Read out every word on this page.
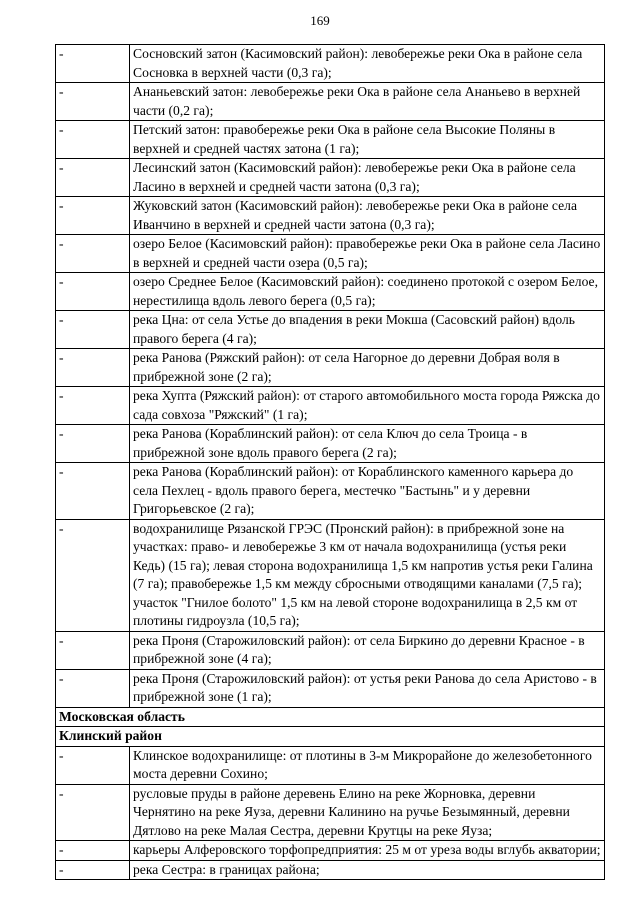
169
-	Сосновский затон (Касимовский район): левобережье реки Ока в районе села Сосновка в верхней части (0,3 га);
-	Ананьевский затон: левобережье реки Ока в районе села Ананьево в верхней части (0,2 га);
-	Петский затон: правобережье реки Ока в районе села Высокие Поляны в верхней и средней частях затона (1 га);
-	Лесинский затон (Касимовский район): левобережье реки Ока в районе села Ласино в верхней и средней части затона (0,3 га);
-	Жуковский затон (Касимовский район): левобережье реки Ока в районе села Иванчино в верхней и средней части затона (0,3 га);
-	озеро Белое (Касимовский район): правобережье реки Ока в районе села Ласино в верхней и средней части озера (0,5 га);
-	озеро Среднее Белое (Касимовский район): соединено протокой с озером Белое, нерестилища вдоль левого берега (0,5 га);
-	река Цна: от села Устье до впадения в реки Мокша (Сасовский район) вдоль правого берега (4 га);
-	река Ранова (Ряжский район): от села Нагорное до деревни Добрая воля в прибрежной зоне (2 га);
-	река Хупта (Ряжский район): от старого автомобильного моста города Ряжска до сада совхоза "Ряжский" (1 га);
-	река Ранова (Кораблинский район): от села Ключ до села Троица - в прибрежной зоне вдоль правого берега (2 га);
-	река Ранова (Кораблинский район): от Кораблинского каменного карьера до села Пехлец - вдоль правого берега, местечко "Бастынь" и у деревни Григорьевское (2 га);
-	водохранилище Рязанской ГРЭС (Пронский район): в прибрежной зоне на участках: право- и левобережье 3 км от начала водохранилища (устья реки Кедь) (15 га); левая сторона водохранилища 1,5 км напротив устья реки Галина (7 га); правобережье 1,5 км между сбросными отводящими каналами (7,5 га); участок "Гнилое болото" 1,5 км на левой стороне водохранилища в 2,5 км от плотины гидроузла (10,5 га);
-	река Проня (Старожиловский район): от села Биркино до деревни Красное - в прибрежной зоне (4 га);
-	река Проня (Старожиловский район): от устья реки Ранова до села Аристово - в прибрежной зоне (1 га);
Московская область	
Клинский район	
-	Клинское водохранилище: от плотины в 3-м Микрорайоне до железобетонного моста деревни Сохино;
-	русловые пруды в районе деревень Елино на реке Жорновка, деревни Чернятино на реке Яуза, деревни Калинино на ручье Безымянный, деревни Дятлово на реке Малая Сестра, деревни Крутцы на реке Яуза;
-	карьеры Алферовского торфопредприятия: 25 м от уреза воды вглубь акватории;
-	река Сестра: в границах района;
